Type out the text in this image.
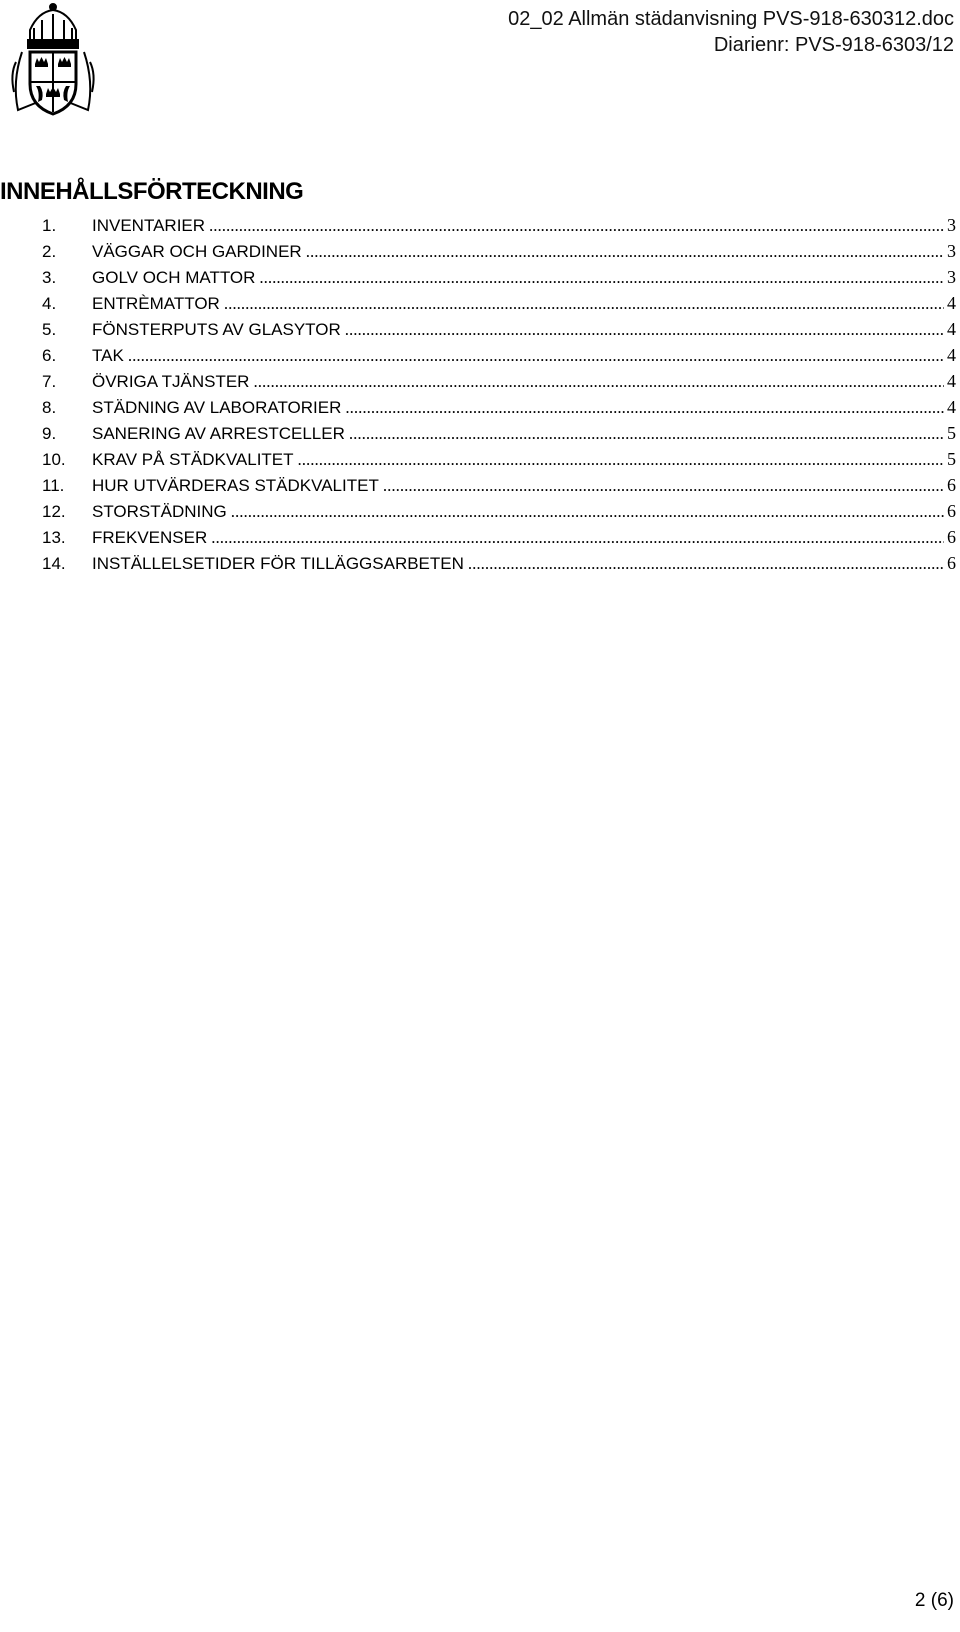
02_02 Allmän städanvisning PVS-918-630312.doc
Diarienr: PVS-918-6303/12
INNEHÅLLSFÖRTECKNING
1.	INVENTARIER .....	3
2.	VÄGGAR OCH GARDINER .....	3
3.	GOLV OCH MATTOR .....	3
4.	ENTRÈMATTOR .....	4
5.	FÖNSTERPUTS AV GLASYTOR .....	4
6.	TAK .....	4
7.	ÖVRIGA TJÄNSTER .....	4
8.	STÄDNING AV LABORATORIER .....	4
9.	SANERING AV ARRESTCELLER .....	5
10.	KRAV PÅ STÄDKVALITET .....	5
11.	HUR UTVÄRDERAS STÄDKVALITET .....	6
12.	STORSTÄDNING .....	6
13.	FREKVENSER .....	6
14.	INSTÄLLELSETIDER FÖR TILLÄGGSARBETEN .....	6
2 (6)
